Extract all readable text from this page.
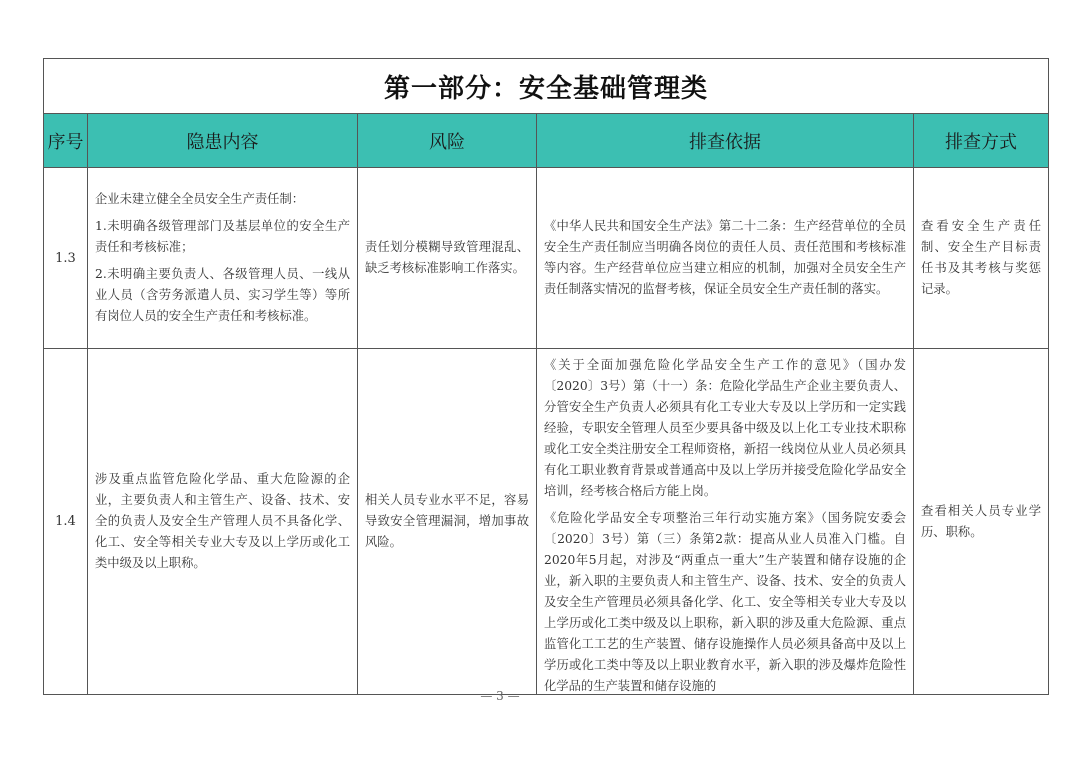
第一部分：安全基础管理类				
序号	隐患内容	风险	排查依据	排查方式
1.3	企业未建立健全全员安全生产责任制：

1.未明确各级管理部门及基层单位的安全生产责任和考核标准；

2.未明确主要负责人、各级管理人员、一线从业人员（含劳务派遣人员、实习学生等）等所有岗位人员的安全生产责任和考核标准。	责任划分模糊导致管理混乱、缺乏考核标准影响工作落实。	《中华人民共和国安全生产法》第二十二条：生产经营单位的全员安全生产责任制应当明确各岗位的责任人员、责任范围和考核标准等内容。生产经营单位应当建立相应的机制，加强对全员安全生产责任制落实情况的监督考核，保证全员安全生产责任制的落实。	查看安全生产责任制、安全生产目标责任书及其考核与奖惩记录。
1.4	涉及重点监管危险化学品、重大危险源的企业，主要负责人和主管生产、设备、技术、安全的负责人及安全生产管理人员不具备化学、化工、安全等相关专业大专及以上学历或化工类中级及以上职称。	相关人员专业水平不足，容易导致安全管理漏洞，增加事故风险。	《关于全面加强危险化学品安全生产工作的意见》（国办发〔2020〕3号）第（十一）条：危险化学品生产企业主要负责人、分管安全生产负责人必须具有化工专业大专及以上学历和一定实践经验，专职安全管理人员至少要具备中级及以上化工专业技术职称或化工安全类注册安全工程师资格，新招一线岗位从业人员必须具有化工职业教育背景或普通高中及以上学历并接受危险化学品安全培训，经考核合格后方能上岗。

《危险化学品安全专项整治三年行动实施方案》（国务院安委会〔2020〕3号）第（三）条第2款：提高从业人员准入门槛。自2020年5月起，对涉及“两重点一重大”生产装置和储存设施的企业，新入职的主要负责人和主管生产、设备、技术、安全的负责人及安全生产管理员必须具备化学、化工、安全等相关专业大专及以上学历或化工类中级及以上职称，新入职的涉及重大危险源、重点监管化工工艺的生产装置、储存设施操作人员必须具备高中及以上学历或化工类中等及以上职业教育水平，新入职的涉及爆炸危险性化学品的生产装置和储存设施的	查看相关人员专业学历、职称。
— 3 —
